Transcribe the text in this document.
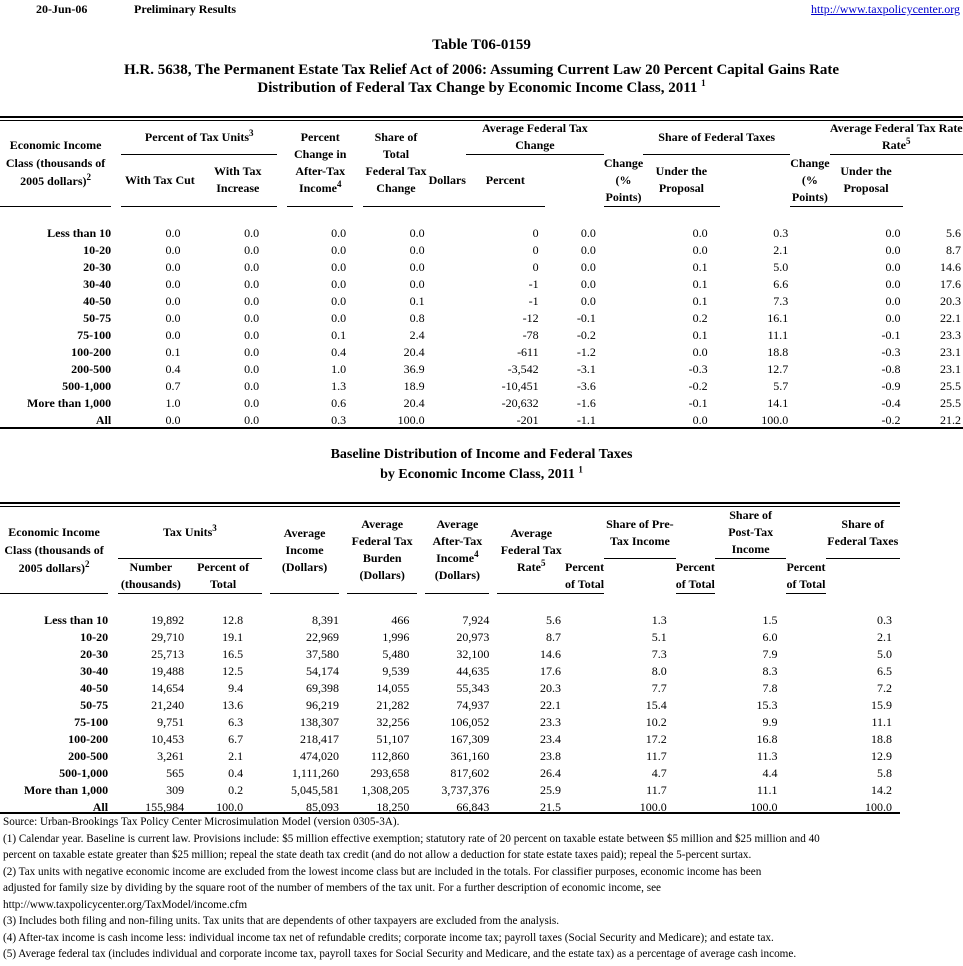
20-Jun-06	Preliminary Results	http://www.taxpolicycenter.org
Table T06-0159
H.R. 5638, The Permanent Estate Tax Relief Act of 2006: Assuming Current Law 20 Percent Capital Gains Rate
Distribution of Federal Tax Change by Economic Income Class, 2011 $^1$
Economic Income
Class (thousands of
2005 dollars)$^2$		Percent of Tax Units$^3$			Percent Change in After-Tax
Income$^4$		Share of Total Federal Tax Change		Average Federal Tax Change			Share of Federal Taxes			Average Federal Tax Rate
Rate$^5$
		With Tax Cut	With Tax Increase					Dollars	Percent		Change (% Points)	Under the Proposal		Change (% Points)	Under the Proposal	

Less than 10		0.0	0.0		0.0		0.0		0	0.0		0.0	0.3		0.0	5.6
10-20		0.0	0.0		0.0		0.0		0	0.0		0.0	2.1		0.0	8.7
20-30		0.0	0.0		0.0		0.0		0	0.0		0.1	5.0		0.0	14.6
30-40		0.0	0.0		0.0		0.0		-1	0.0		0.1	6.6		0.0	17.6
40-50		0.0	0.0		0.0		0.1		-1	0.0		0.1	7.3		0.0	20.3
50-75		0.0	0.0		0.0		0.8		-12	-0.1		0.2	16.1		0.0	22.1
75-100		0.0	0.0		0.1		2.4		-78	-0.2		0.1	11.1		-0.1	23.3
100-200		0.1	0.0		0.4		20.4		-611	-1.2		0.0	18.8		-0.3	23.1
200-500		0.4	0.0		1.0		36.9		-3,542	-3.1		-0.3	12.7		-0.8	23.1
500-1,000		0.7	0.0		1.3		18.9		-10,451	-3.6		-0.2	5.7		-0.9	25.5
More than 1,000		1.0	0.0		0.6		20.4		-20,632	-1.6		-0.1	14.1		-0.4	25.5
All		0.0	0.0		0.3		100.0		-201	-1.1		0.0	100.0		-0.2	21.2
Baseline Distribution of Income and Federal Taxes
by Economic Income Class, 2011 $^1$
Economic Income
Class (thousands of
2005 dollars)$^2$		Tax Units$^3$			Average Income (Dollars)		Average Federal Tax Burden (Dollars)		Average After-Tax
Income$^4$
(Dollars)		Average Federal Tax
Rate$^5$		Share of Pre-Tax Income		Share of Post-Tax Income		Share of Federal Taxes
		Number (thousands)	Percent of Total									Percent of Total		Percent of Total		Percent of Total	

Less than 10		19,892	12.8		8,391		466		7,924		5.6		1.3		1.5		0.3
10-20		29,710	19.1		22,969		1,996		20,973		8.7		5.1		6.0		2.1
20-30		25,713	16.5		37,580		5,480		32,100		14.6		7.3		7.9		5.0
30-40		19,488	12.5		54,174		9,539		44,635		17.6		8.0		8.3		6.5
40-50		14,654	9.4		69,398		14,055		55,343		20.3		7.7		7.8		7.2
50-75		21,240	13.6		96,219		21,282		74,937		22.1		15.4		15.3		15.9
75-100		9,751	6.3		138,307		32,256		106,052		23.3		10.2		9.9		11.1
100-200		10,453	6.7		218,417		51,107		167,309		23.4		17.2		16.8		18.8
200-500		3,261	2.1		474,020		112,860		361,160		23.8		11.7		11.3		12.9
500-1,000		565	0.4		1,111,260		293,658		817,602		26.4		4.7		4.4		5.8
More than 1,000		309	0.2		5,045,581		1,308,205		3,737,376		25.9		11.7		11.1		14.2
All		155,984	100.0		85,093		18,250		66,843		21.5		100.0		100.0		100.0

Source: Urban-Brookings Tax Policy Center Microsimulation Model (version 0305-3A).

(1) Calendar year. Baseline is current law. Provisions include: $5 million effective exemption; statutory rate of 20 percent on taxable estate between $5 million and $25 million and 40

percent on taxable estate greater than $25 million; repeal the state death tax credit (and do not allow a deduction for state estate taxes paid); repeal the 5-percent surtax.

(2) Tax units with negative economic income are excluded from the lowest income class but are included in the totals. For classifier purposes, economic income has been

adjusted for family size by dividing by the square root of the number of members of the tax unit. For a further description of economic income, see

http://www.taxpolicycenter.org/TaxModel/income.cfm

(3) Includes both filing and non-filing units. Tax units that are dependents of other taxpayers are excluded from the analysis.

(4) After-tax income is cash income less: individual income tax net of refundable credits; corporate income tax; payroll taxes (Social Security and Medicare); and estate tax.

(5) Average federal tax (includes individual and corporate income tax, payroll taxes for Social Security and Medicare, and the estate tax) as a percentage of average cash income.
